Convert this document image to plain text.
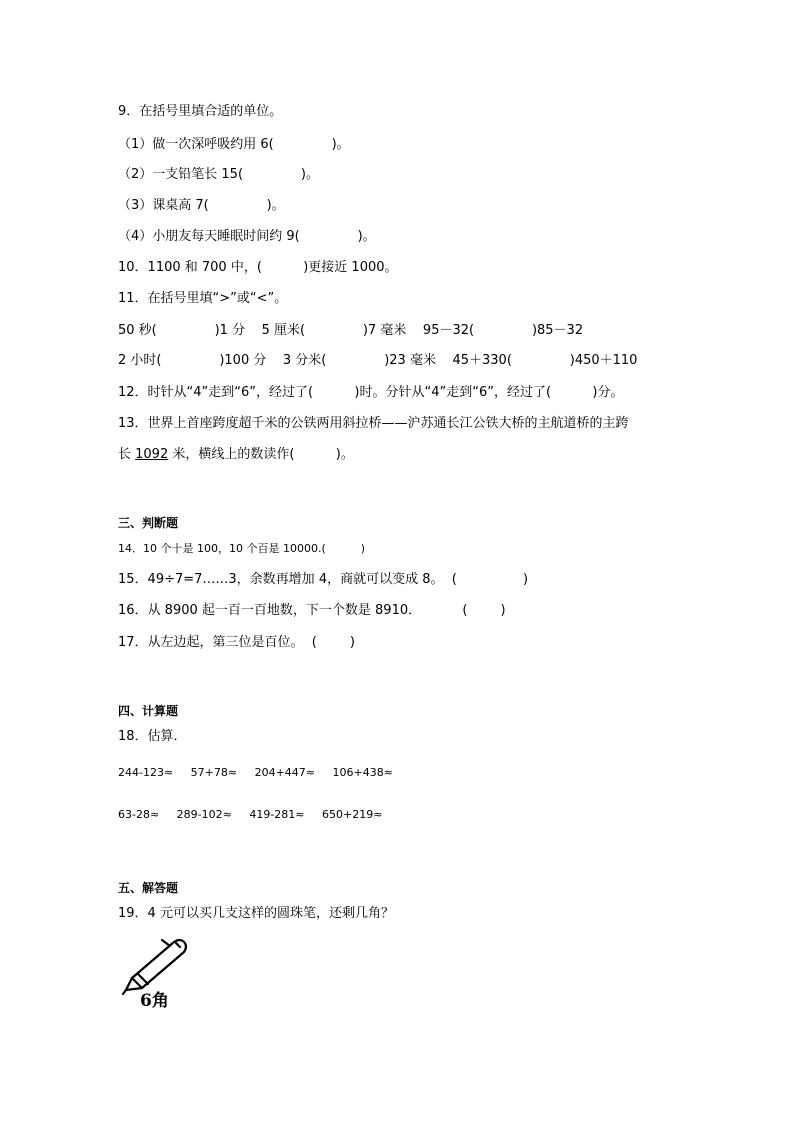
9．在括号里填合适的单位。
（1）做一次深呼吸约用 6(              )。
（2）一支铅笔长 15(              )。
（3）课桌高 7(              )。
（4）小朋友每天睡眠时间约 9(              )。
10．1100 和 700 中，(          )更接近 1000。
11．在括号里填“>”或“<”。
50 秒(              )1 分    5 厘米(              )7 毫米    95－32(              )85－32
2 小时(              )100 分    3 分米(              )23 毫米    45＋330(              )450＋110
12．时针从“4”走到“6”，经过了(          )时。分针从“4”走到“6”，经过了(          )分。
13．世界上首座跨度超千米的公铁两用斜拉桥——沪苏通长江公铁大桥的主航道桥的主跨
长 1092 米，横线上的数读作(          )。
三、判断题
14．10 个十是 100，10 个百是 10000.(          )
15．49÷7=7……3，余数再增加 4，商就可以变成 8。  (                )
16．从 8900 起一百一百地数，下一个数是 8910．          (        )
17．从左边起，第三位是百位。  (        )
四、计算题
18．估算．
244-123≈     57+78≈     204+447≈     106+438≈
63-28≈     289-102≈     419-281≈     650+219≈
五、解答题
19．4 元可以买几支这样的圆珠笔，还剩几角？
6角
